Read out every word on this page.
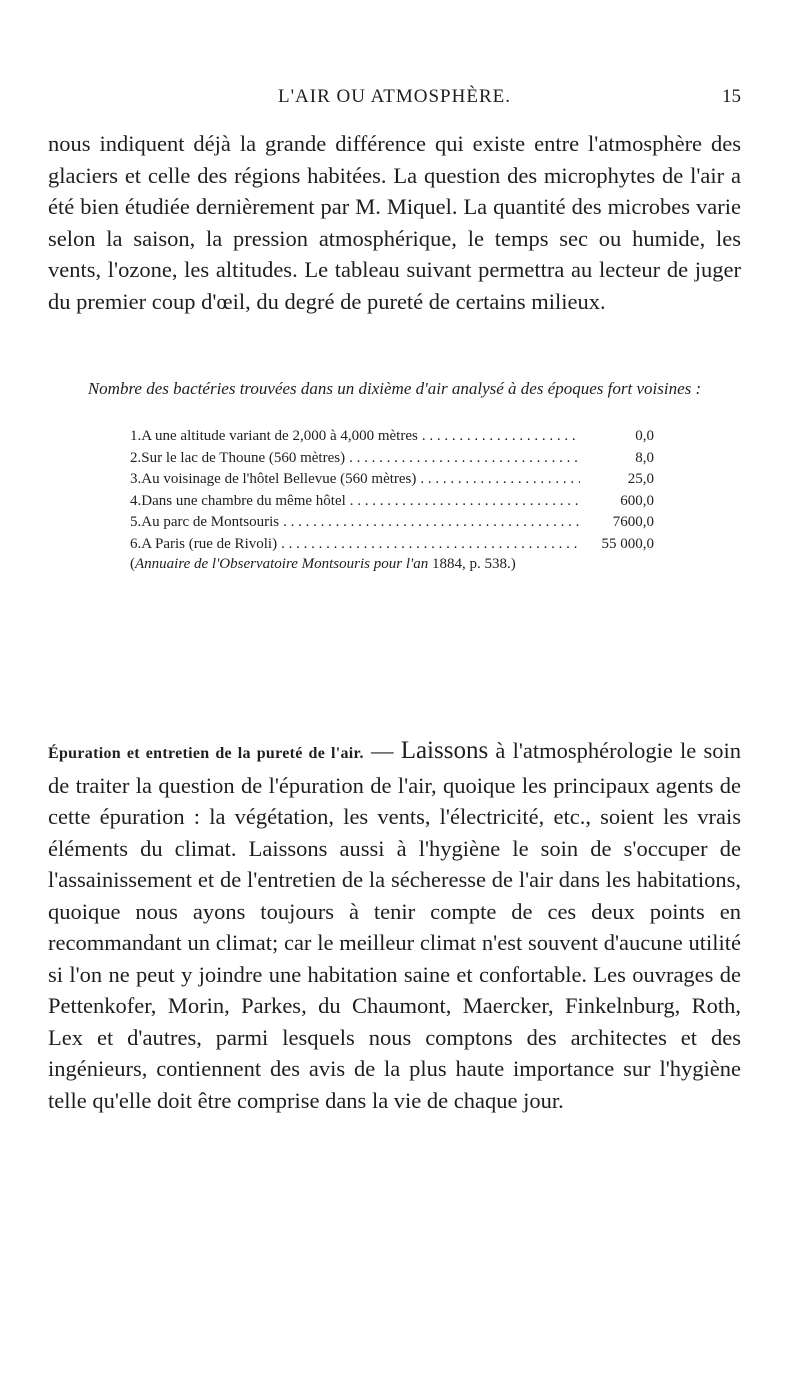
L'AIR OU ATMOSPHÈRE.	15

nous indiquent déjà la grande différence qui existe entre l'atmosphère des glaciers et celle des régions habitées. La question des microphytes de l'air a été bien étudiée dernièrement par M. Miquel. La quantité des microbes varie selon la saison, la pression atmosphérique, le temps sec ou humide, les vents, l'ozone, les altitudes. Le tableau suivant permettra au lecteur de juger du premier coup d'œil, du degré de pureté de certains milieux.

Nombre des bactéries trouvées dans un dixième d'air analysé à des époques fort voisines :
1. A une altitude variant de 2,000 à 4,000 mètres . . .	0,0
2. Sur le lac de Thoune (560 mètres) . . .	8,0
3. Au voisinage de l'hôtel Bellevue (560 mètres) . . .	25,0
4. Dans une chambre du même hôtel . . .	600,0
5. Au parc de Montsouris . . .	7600,0
6. A Paris (rue de Rivoli) . . .	55 000,0
(Annuaire de l'Observatoire Montsouris pour l'an 1884, p. 538.)

Épuration et entretien de la pureté de l'air. — Laissons à l'atmosphérologie le soin de traiter la question de l'épuration de l'air, quoique les principaux agents de cette épuration : la végétation, les vents, l'électricité, etc., soient les vrais éléments du climat. Laissons aussi à l'hygiène le soin de s'occuper de l'assainissement et de l'entretien de la sécheresse de l'air dans les habitations, quoique nous ayons toujours à tenir compte de ces deux points en recommandant un climat; car le meilleur climat n'est souvent d'aucune utilité si l'on ne peut y joindre une habitation saine et confortable. Les ouvrages de Pettenkofer, Morin, Parkes, du Chaumont, Maercker, Finkelnburg, Roth, Lex et d'autres, parmi lesquels nous comptons des architectes et des ingénieurs, contiennent des avis de la plus haute importance sur l'hygiène telle qu'elle doit être comprise dans la vie de chaque jour.
